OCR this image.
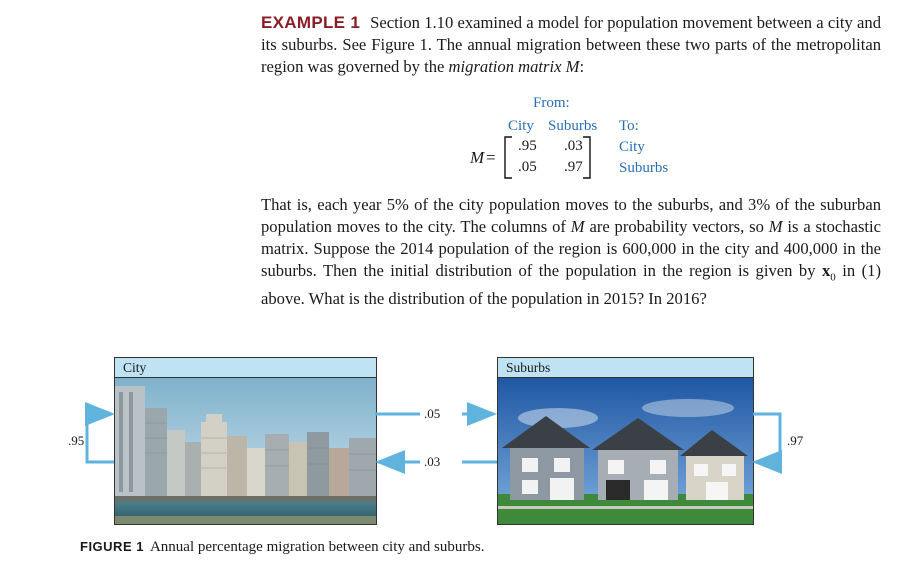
EXAMPLE 1 Section 1.10 examined a model for population movement between a city and its suburbs. See Figure 1. The annual migration between these two parts of the metropolitan region was governed by the migration matrix M:
From:
City Suburbs To:
City
Suburbs
M =
.95 .03
.05 .97
That is, each year 5% of the city population moves to the suburbs, and 3% of the suburban population moves to the city. The columns of M are probability vectors, so M is a stochastic matrix. Suppose the 2014 population of the region is 600,000 in the city and 400,000 in the suburbs. Then the initial distribution of the population in the region is given by $x_0$ in (1) above. What is the distribution of the population in 2015? In 2016?
City	Suburbs
.95	.97
.05
.03
FIGURE 1 Annual percentage migration between city and suburbs.
